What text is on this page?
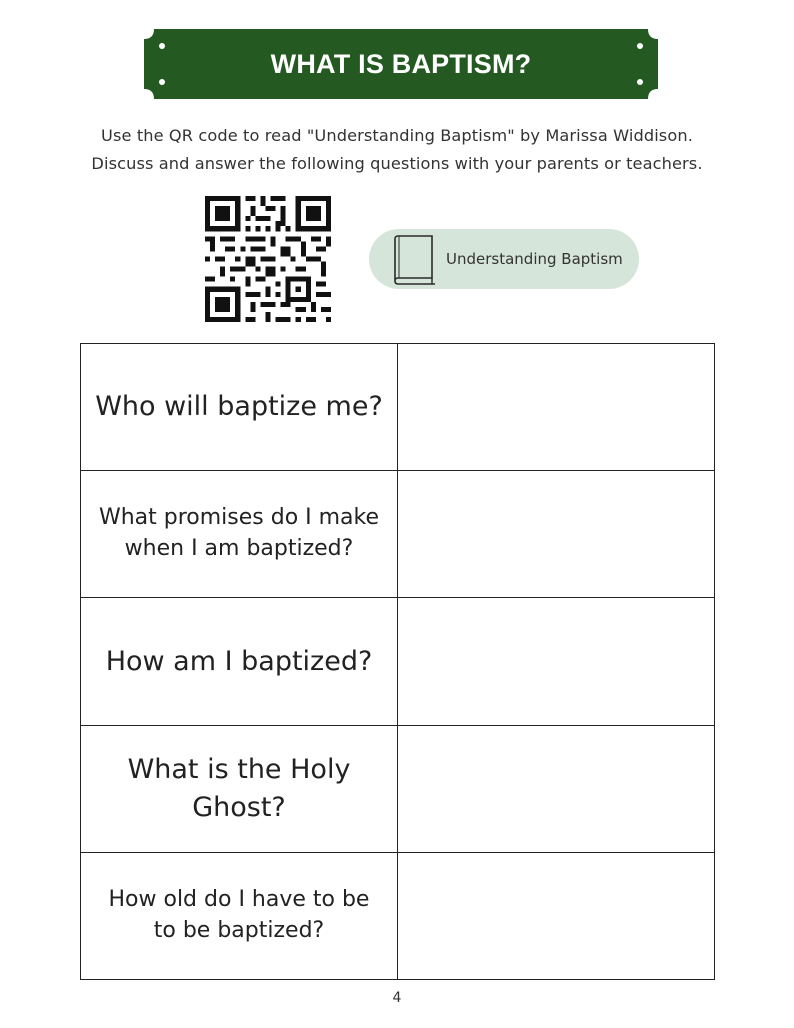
WHAT IS BAPTISM?

Use the QR code to read "Understanding Baptism" by Marissa Widdison.
Discuss and answer the following questions with your parents or teachers.

Understanding Baptism
Who will baptize me?	

What promises do I make
when I am baptized?	

How am I baptized?	

What is the Holy
Ghost?	

How old do I have to be
to be baptized?	

4
